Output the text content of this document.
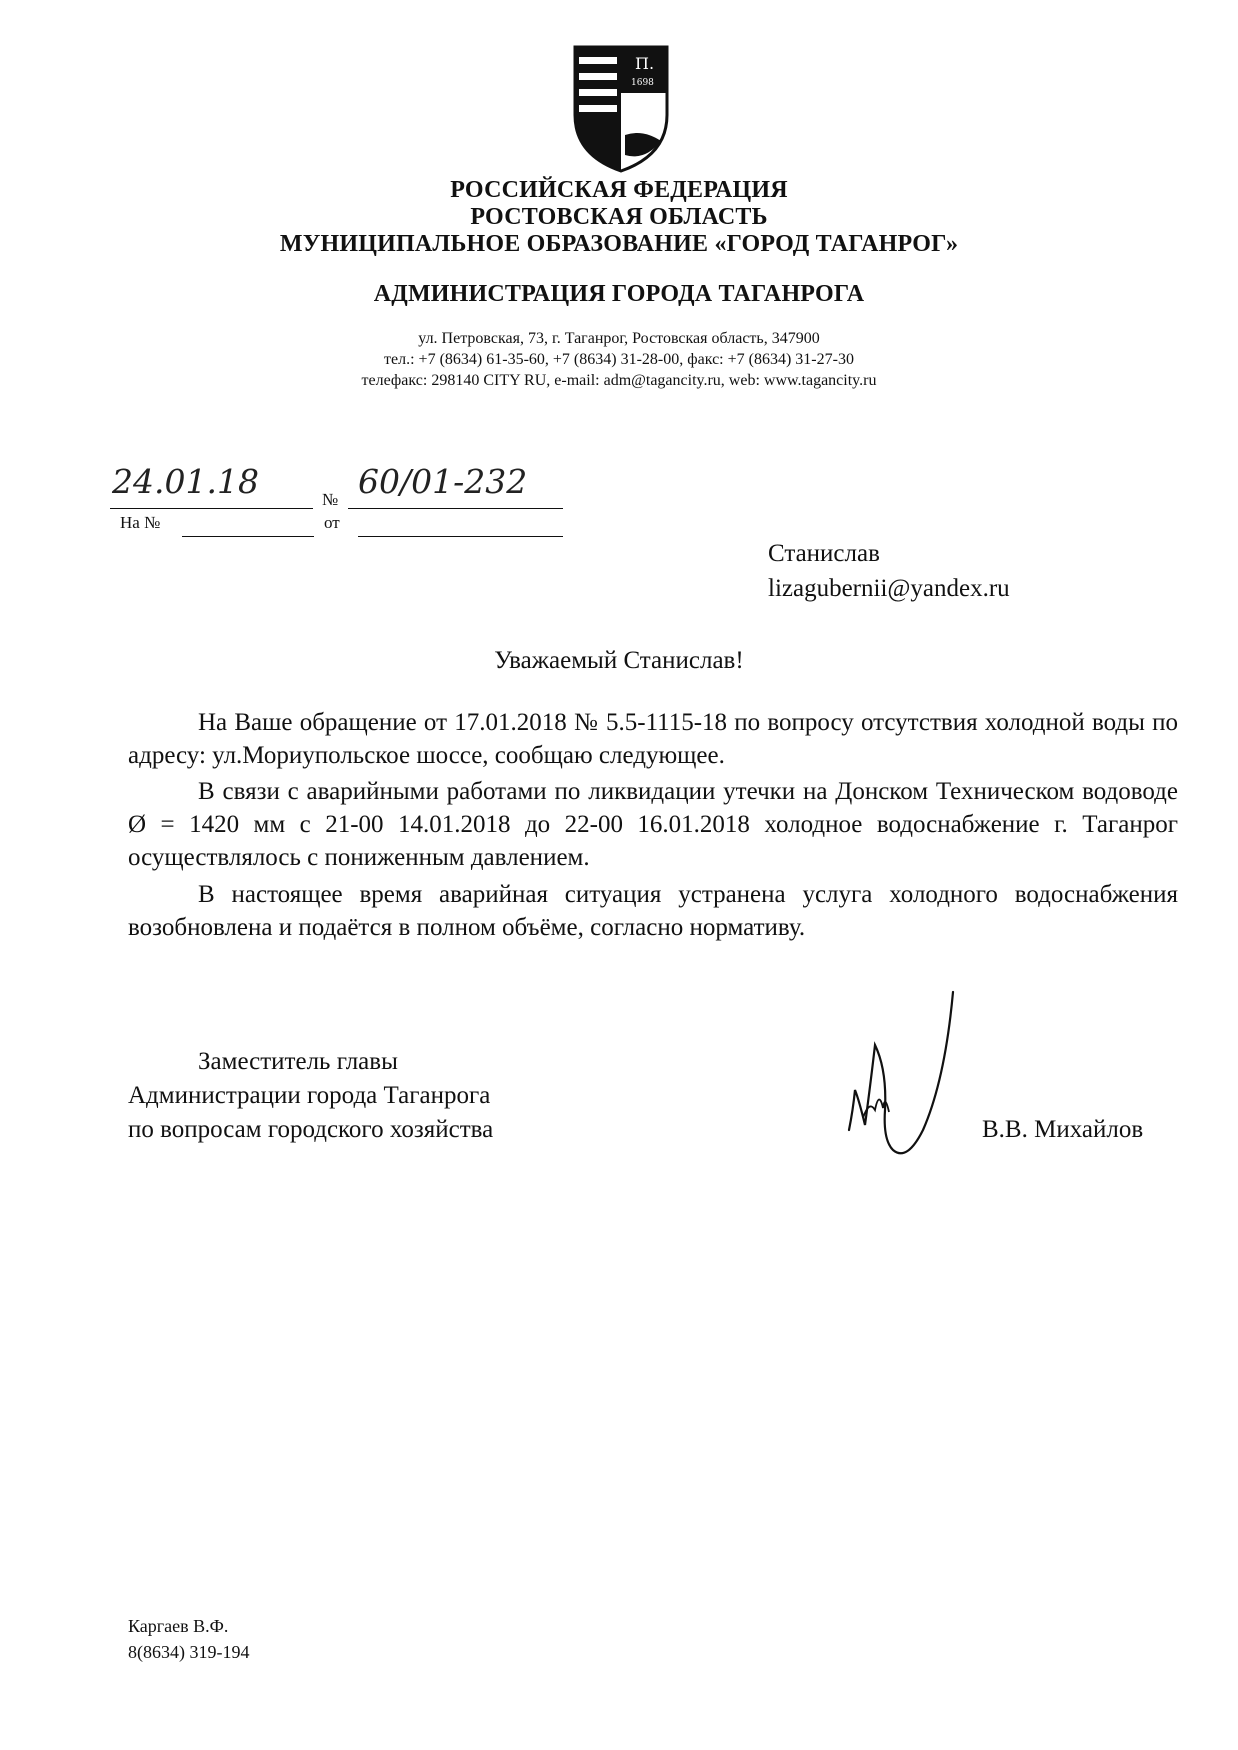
П.
1698
РОССИЙСКАЯ ФЕДЕРАЦИЯ
РОСТОВСКАЯ ОБЛАСТЬ
МУНИЦИПАЛЬНОЕ ОБРАЗОВАНИЕ «ГОРОД ТАГАНРОГ»
АДМИНИСТРАЦИЯ ГОРОДА ТАГАНРОГА
ул. Петровская, 73, г. Таганрог, Ростовская область, 347900
тел.: +7 (8634) 61-35-60, +7 (8634) 31-28-00, факс: +7 (8634) 31-27-30
телефакс: 298140 CITY RU, e-mail: adm@tagancity.ru, web: www.tagancity.ru
24.01.18	№ 60/01-232
На №	от
Станислав
lizagubernii@yandex.ru
Уважаемый Станислав!
На Ваше обращение от 17.01.2018 № 5.5-1115-18 по вопросу отсутствия холодной воды по адресу: ул.Мориупольское шоссе, сообщаю следующее.
В связи с аварийными работами по ликвидации утечки на Донском Техническом водоводе Ø = 1420 мм с 21-00 14.01.2018 до 22-00 16.01.2018 холодное водоснабжение г. Таганрог осуществлялось с пониженным давлением.
В настоящее время аварийная ситуация устранена услуга холодного водоснабжения возобновлена и подаётся в полном объёме, согласно нормативу.
Заместитель главы
Администрации города Таганрога
по вопросам городского хозяйства	В.В. Михайлов
Каргаев В.Ф.
8(8634) 319-194
